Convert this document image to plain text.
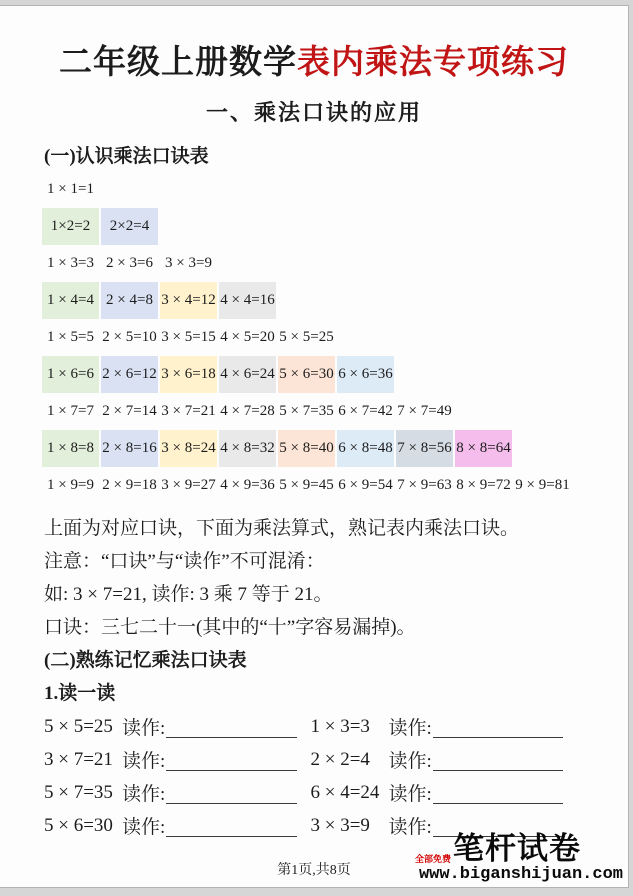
二年级上册数学表内乘法专项练习
一、乘法口诀的应用
(一)认识乘法口诀表
1 × 1=1
1×2=2	2×2=4
1 × 3=3 2 × 3=6 3 × 3=9
1 × 4=4 2 × 4=8 3 × 4=12 4 × 4=16
1 × 5=5 2 × 5=10 3 × 5=15 4 × 5=20 5 × 5=25
1 × 6=6 2 × 6=12 3 × 6=18 4 × 6=24 5 × 6=30 6 × 6=36
1 × 7=7 2 × 7=14 3 × 7=21 4 × 7=28 5 × 7=35 6 × 7=42 7 × 7=49
1 × 8=8 2 × 8=16 3 × 8=24 4 × 8=32 5 × 8=40 6 × 8=48 7 × 8=56 8 × 8=64
1 × 9=9 2 × 9=18 3 × 9=27 4 × 9=36 5 × 9=45 6 × 9=54 7 × 9=63 8 × 9=72 9 × 9=81
上面为对应口诀，下面为乘法算式，熟记表内乘法口诀。
注意：“口诀”与“读作”不可混淆：
如: 3 × 7=21, 读作: 3 乘 7 等于 21。
口诀：三七二十一(其中的“十”字容易漏掉)。
(二)熟练记忆乘法口诀表
1.读一读
5 × 5=25 读作:	1 × 3=3 读作:
3 × 7=21 读作:	2 × 2=4 读作:
5 × 7=35 读作:	6 × 4=24 读作:
5 × 6=30 读作:	3 × 3=9 读作:
第1页,共8页
笔杆试卷
全部免费
www.biganshijuan.com
